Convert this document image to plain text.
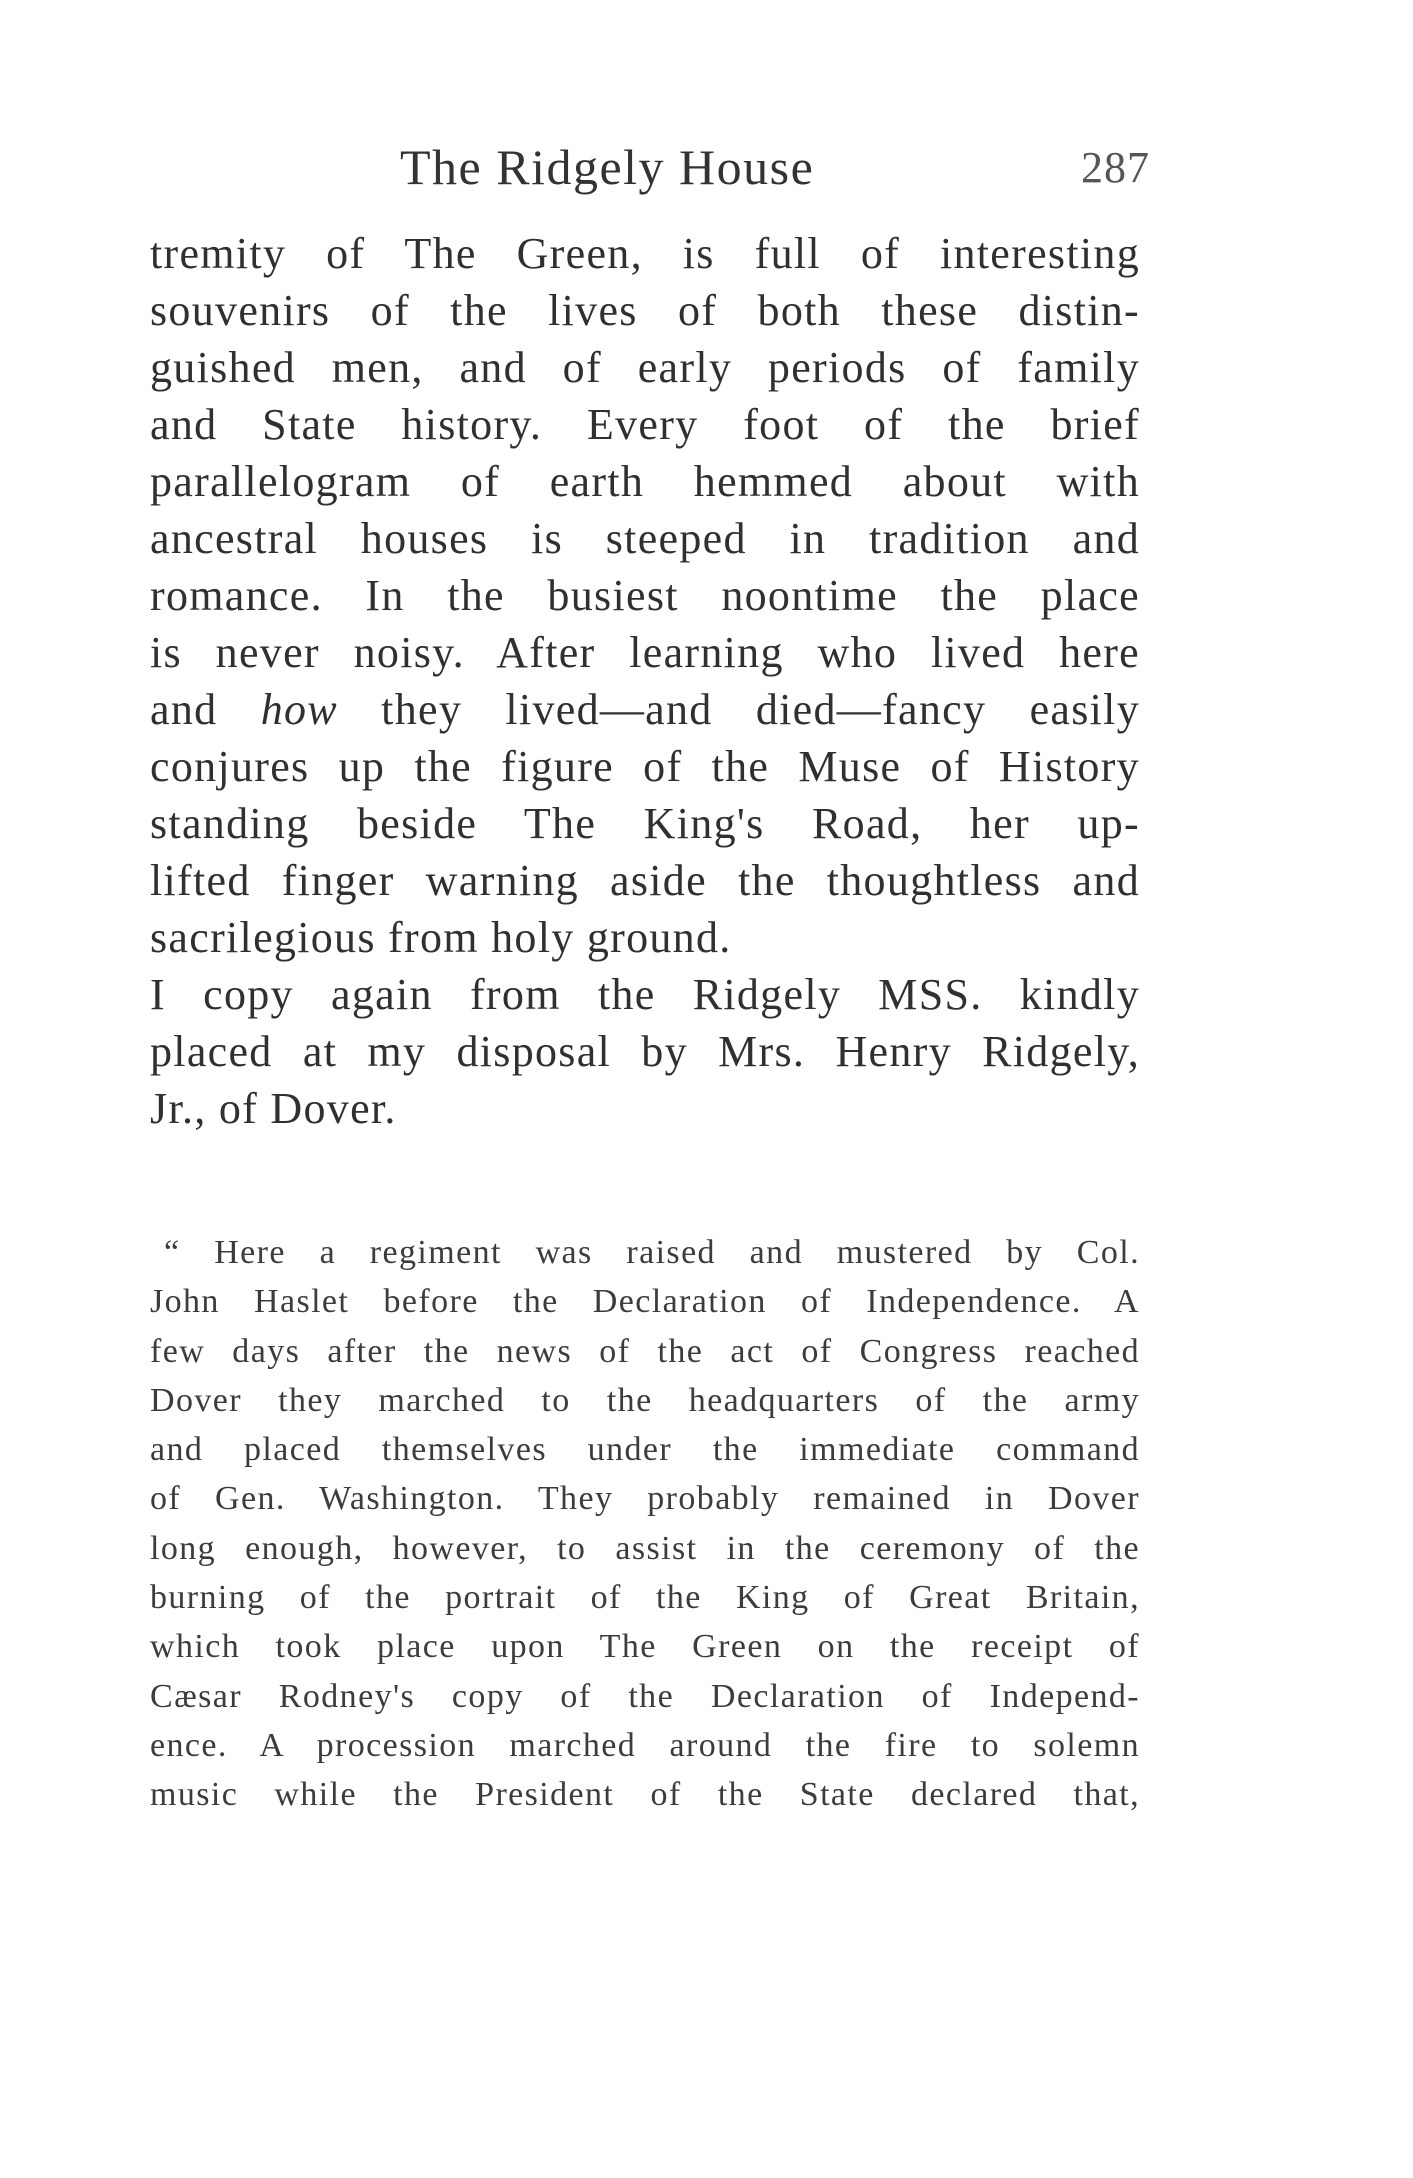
The Ridgely House	287
tremity of The Green, is full of interesting
souvenirs of the lives of both these distin-
guished men, and of early periods of family
and State history. Every foot of the brief
parallelogram of earth hemmed about with
ancestral houses is steeped in tradition and
romance. In the busiest noontime the place
is never noisy. After learning who lived here
and how they lived—and died—fancy easily
conjures up the figure of the Muse of History
standing beside The King's Road, her up-
lifted finger warning aside the thoughtless and
sacrilegious from holy ground.
I copy again from the Ridgely MSS. kindly
placed at my disposal by Mrs. Henry Ridgely,
Jr., of Dover.
“ Here a regiment was raised and mustered by Col.
John Haslet before the Declaration of Independence. A
few days after the news of the act of Congress reached
Dover they marched to the headquarters of the army
and placed themselves under the immediate command
of Gen. Washington. They probably remained in Dover
long enough, however, to assist in the ceremony of the
burning of the portrait of the King of Great Britain,
which took place upon The Green on the receipt of
Cæsar Rodney's copy of the Declaration of Independ-
ence. A procession marched around the fire to solemn
music while the President of the State declared that,
